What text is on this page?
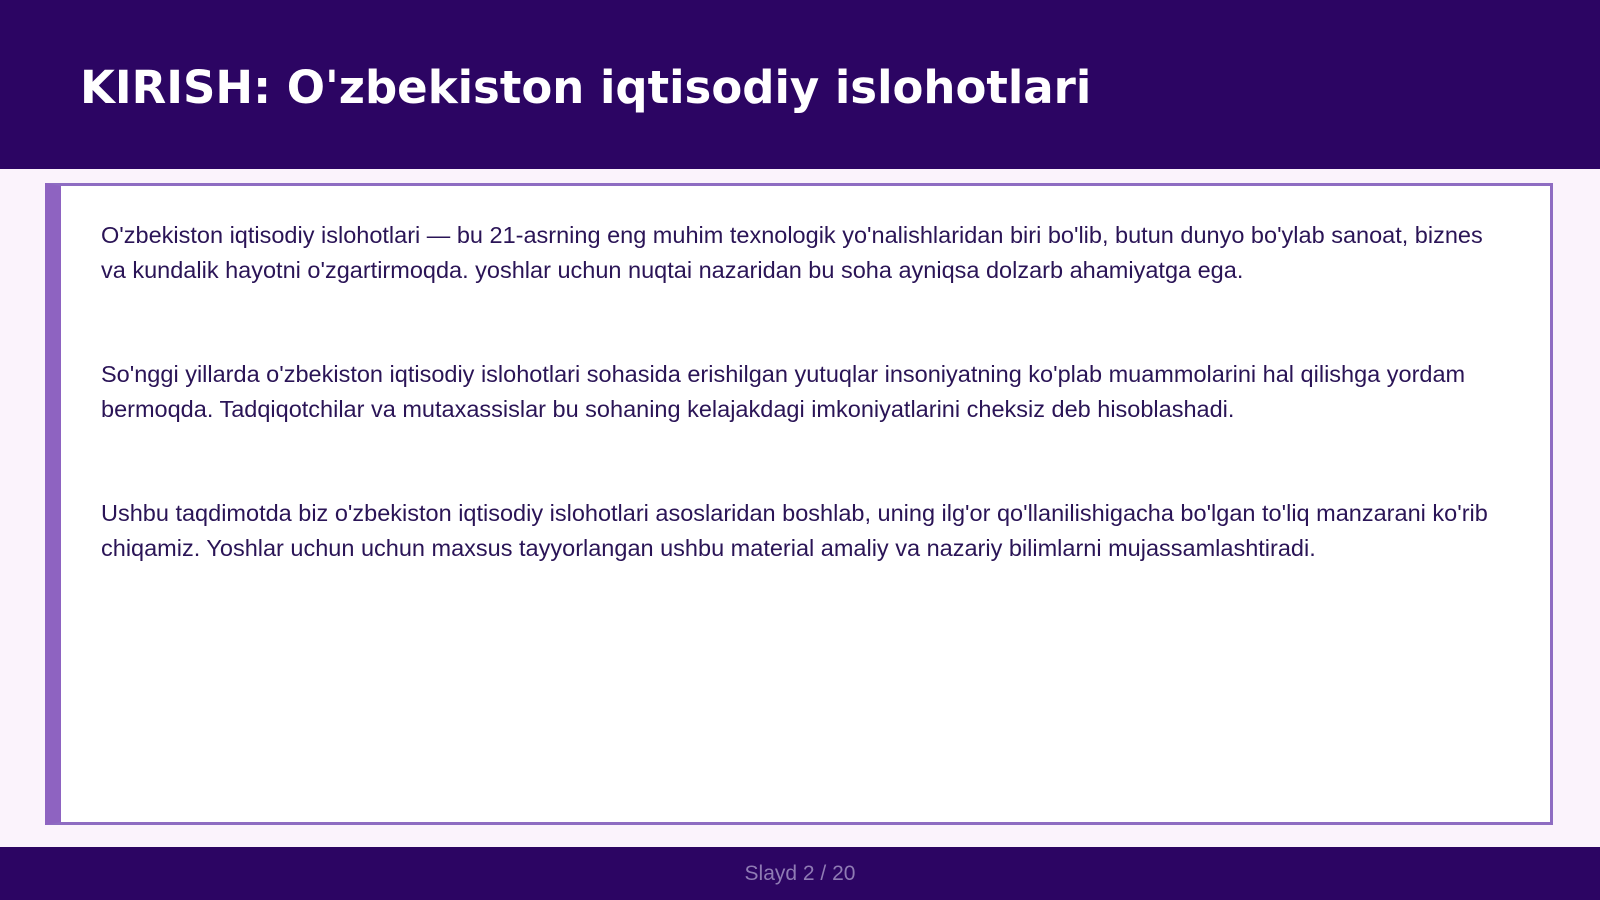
KIRISH: O'zbekiston iqtisodiy islohotlari

O'zbekiston iqtisodiy islohotlari — bu 21-asrning eng muhim texnologik yo'nalishlaridan biri bo'lib, butun dunyo bo'ylab sanoat, biznes va kundalik hayotni o'zgartirmoqda. yoshlar uchun nuqtai nazaridan bu soha ayniqsa dolzarb ahamiyatga ega.

So'nggi yillarda o'zbekiston iqtisodiy islohotlari sohasida erishilgan yutuqlar insoniyatning ko'plab muammolarini hal qilishga yordam bermoqda. Tadqiqotchilar va mutaxassislar bu sohaning kelajakdagi imkoniyatlarini cheksiz deb hisoblashadi.

Ushbu taqdimotda biz o'zbekiston iqtisodiy islohotlari asoslaridan boshlab, uning ilg'or qo'llanilishigacha bo'lgan to'liq manzarani ko'rib chiqamiz. Yoshlar uchun uchun maxsus tayyorlangan ushbu material amaliy va nazariy bilimlarni mujassamlashtiradi.

Slayd 2 / 20
